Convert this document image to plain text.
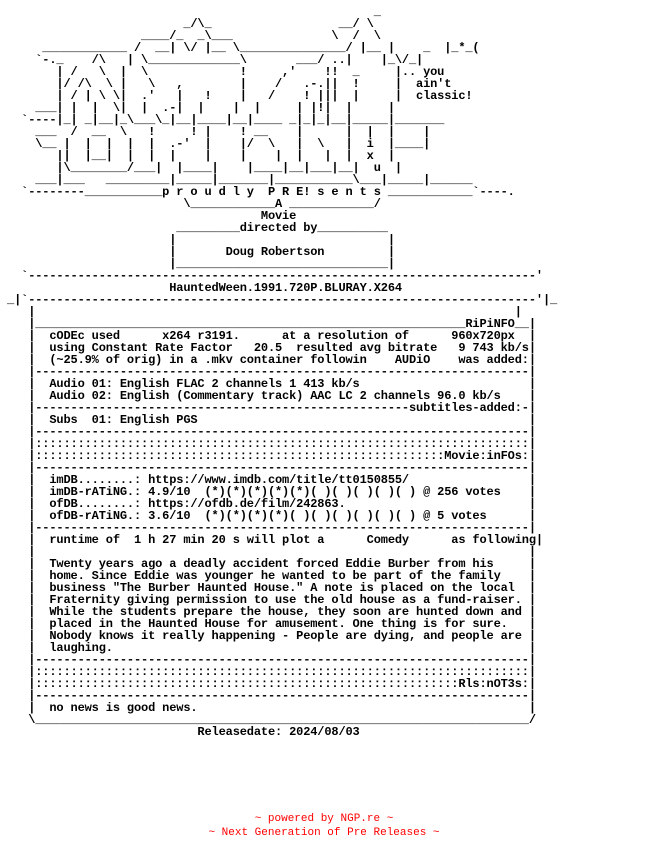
_
_/\_                  __/ \
____/_  _\___              \  /  \
____________ /  __| \/ |__ \_______________/ |__ |    _  |_*_(
`-._    /\   | \_____________\       ___/ ..|    |_\/_|
| /   \  |  \             !     ,'    !!  _     |.. you
|/ /\  \ |   \   ,        |    /   .-.||  !     |  ain't
| / | \ \|  .'   |   !    |   /    ! |||  |     |  classic!
___| |  |  \|  |  .-|  |    |  |     | |!|  |     |
`----|_| _|__|_\___\_|__|____|__|____ _|_|_|__|_____|_______
___  /  __  \   !     ! |    ! __    |      |  |  |    |
\__ |  |  |  |  |  .-'  |    |/  \   |  \   |  i  |____|
||  |__|  |  |  |    |    |    |  |   |  |  x  |
|\________/___|  |____|    |____|__|___|__|  u  |
___|___   _________|_____|_______|___________\___|_____|______
`--------___________p r o u d l y  P R E! s e n t s ____________`----.
\____________A ____________/
Movie
_________directed by__________
|                              |
|       Doug Robertson         |
|______________________________|
`------------------------------------------------------------------------'
HauntedWeen.1991.720P.BLURAY.X264
_|`------------------------------------------------------------------------'|_
|                                                                    |
|_____________________________________________________________RiPiNFO__|
|  cODEc used      x264 r3191.      at a resolution of      960x720px  |
|  using Constant Rate Factor   20.5  resulted avg bitrate   9 743 kb/s|
|  (~25.9% of orig) in a .mkv container followin    AUDiO    was added:|
|----------------------------------------------------------------------|
|  Audio 01: English FLAC 2 channels 1 413 kb/s                        |
|  Audio 02: English (Commentary track) AAC LC 2 channels 96.0 kb/s    |
|-----------------------------------------------------subtitles-added:-|
|  Subs  01: English PGS                                               |
|----------------------------------------------------------------------|
|::::::::::::::::::::::::::::::::::::::::::::::::::::::::::::::::::::::|
|::::::::::::::::::::::::::::::::::::::::::::::::::::::::::Movie:inFOs:|
|----------------------------------------------------------------------|
|  imDB........: https://www.imdb.com/title/tt0150855/                 |
|  imDB-rATiNG.: 4.9/10  (*)(*)(*)(*)(*)( )( )( )( )( ) @ 256 votes    |
|  ofDB........: https://ofdb.de/film/242863.                          |
|  ofDB-rATiNG.: 3.6/10  (*)(*)(*)(*)( )( )( )( )( )( ) @ 5 votes      |
|----------------------------------------------------------------------|
|  runtime of  1 h 27 min 20 s will plot a      Comedy      as following|
|                                                                      |
|  Twenty years ago a deadly accident forced Eddie Burber from his     |
|  home. Since Eddie was younger he wanted to be part of the family    |
|  business "The Burber Haunted House." A note is placed on the local  |
|  Fraternity giving permission to use the old house as a fund-raiser. |
|  While the students prepare the house, they soon are hunted down and |
|  placed in the Haunted House for amusement. One thing is for sure.   |
|  Nobody knows it really happening - People are dying, and people are |
|  laughing.                                                           |
|----------------------------------------------------------------------|
|::::::::::::::::::::::::::::::::::::::::::::::::::::::::::::::::::::::|
|::::::::::::::::::::::::::::::::::::::::::::::::::::::::::::Rls:nOT3s:|
|----------------------------------------------------------------------|
|  no news is good news.                                               |
\______________________________________________________________________/
Releasedate: 2024/08/03
~ powered by NGP.re ~
~ Next Generation of Pre Releases ~
